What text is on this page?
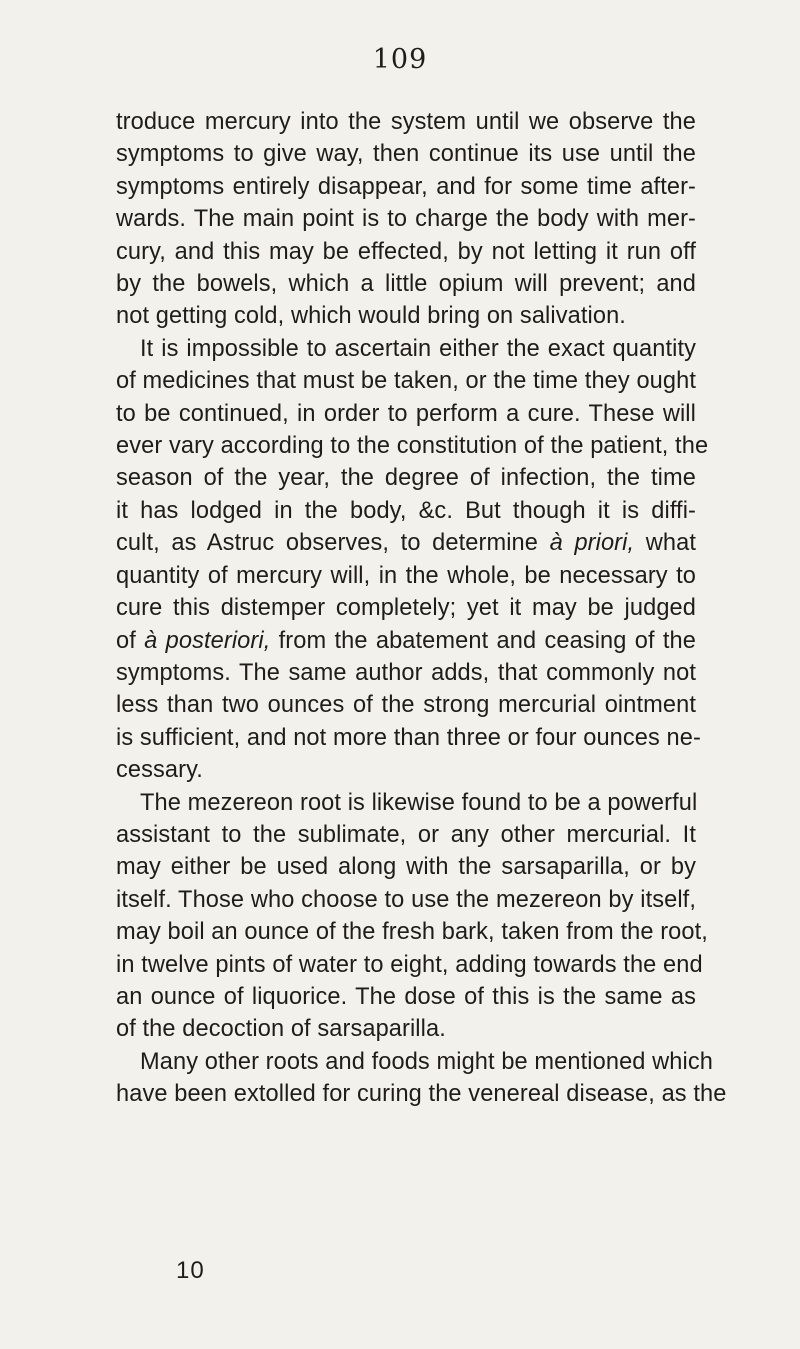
109
troduce mercury into the system until we observe the
symptoms to give way, then continue its use until the
symptoms entirely disappear, and for some time after-
wards. The main point is to charge the body with mer-
cury, and this may be effected, by not letting it run off
by the bowels, which a little opium will prevent; and
not getting cold, which would bring on salivation.
It is impossible to ascertain either the exact quantity
of medicines that must be taken, or the time they ought
to be continued, in order to perform a cure. These will
ever vary according to the constitution of the patient, the
season of the year, the degree of infection, the time
it has lodged in the body, &c. But though it is diffi-
cult, as Astruc observes, to determine à priori, what
quantity of mercury will, in the whole, be necessary to
cure this distemper completely; yet it may be judged
of à posteriori, from the abatement and ceasing of the
symptoms. The same author adds, that commonly not
less than two ounces of the strong mercurial ointment
is sufficient, and not more than three or four ounces ne-
cessary.
The mezereon root is likewise found to be a powerful
assistant to the sublimate, or any other mercurial. It
may either be used along with the sarsaparilla, or by
itself. Those who choose to use the mezereon by itself,
may boil an ounce of the fresh bark, taken from the root,
in twelve pints of water to eight, adding towards the end
an ounce of liquorice. The dose of this is the same as
of the decoction of sarsaparilla.
Many other roots and foods might be mentioned which
have been extolled for curing the venereal disease, as the
10
